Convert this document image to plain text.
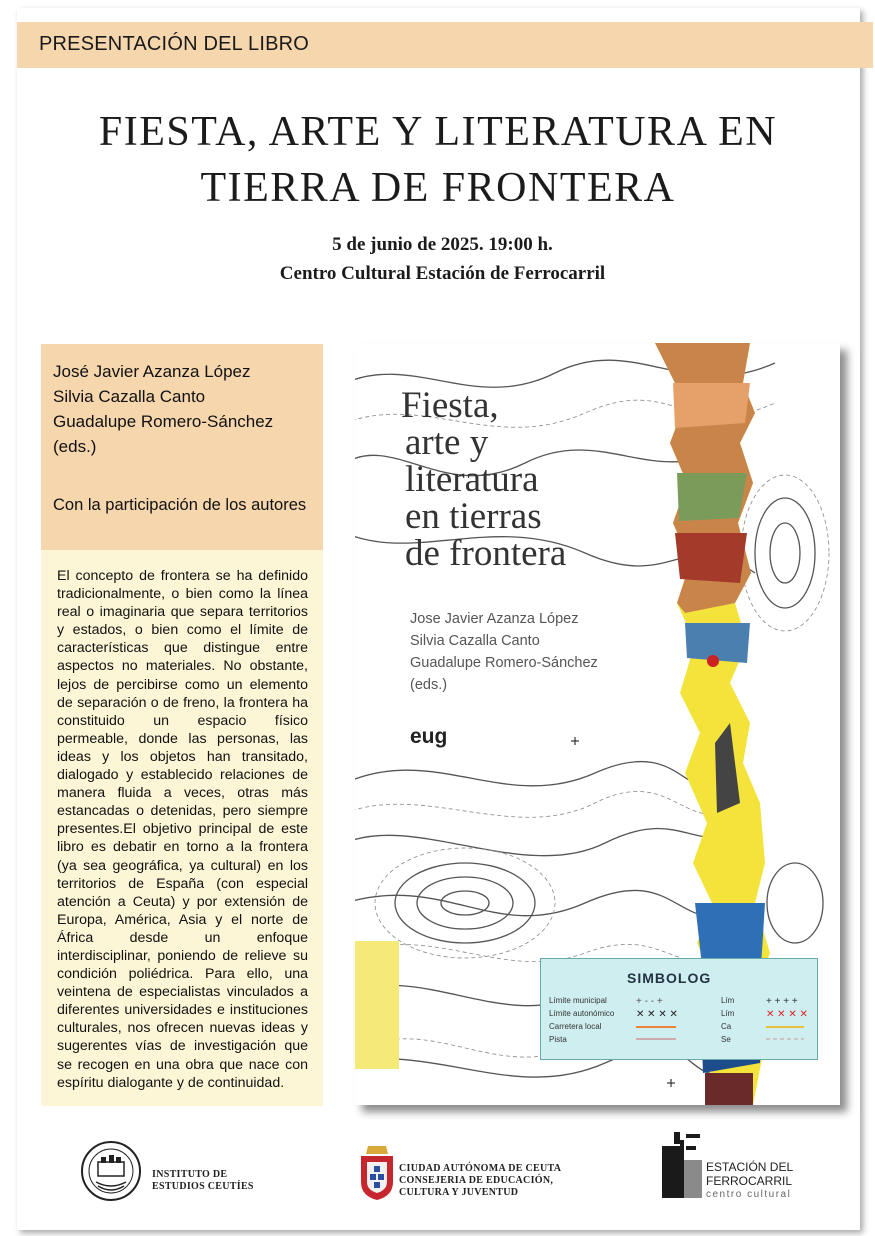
PRESENTACIÓN DEL LIBRO
FIESTA, ARTE Y LITERATURA EN
TIERRA DE FRONTERA
5 de junio de 2025. 19:00 h.
Centro Cultural Estación de Ferrocarril
José Javier Azanza López
Silvia Cazalla Canto
Guadalupe Romero-Sánchez
(eds.)
Con la participación de los autores

El concepto de frontera se ha definido tradicionalmente, o bien como la línea real o imaginaria que separa territorios y estados, o bien como el límite de características que distingue entre aspectos no materiales. No obstante, lejos de percibirse como un elemento de separación o de freno, la frontera ha constituido un espacio físico permeable, donde las personas, las ideas y los objetos han transitado, dialogado y establecido relaciones de manera fluida a veces, otras más estancadas o detenidas, pero siempre presentes.El objetivo principal de este libro es debatir en torno a la frontera (ya sea geográfica, ya cultural) en los territorios de España (con especial atención a Ceuta) y por extensión de Europa, América, Asia y el norte de África desde un enfoque interdisciplinar, poniendo de relieve su condición poliédrica. Para ello, una veintena de especialistas vinculados a diferentes universidades e instituciones culturales, nos ofrecen nuevas ideas y sugerentes vías de investigación que se recogen en una obra que nace con espíritu dialogante y de continuidad.

Fiesta,
arte y
literatura
en tierras
de frontera
Jose Javier Azanza López
Silvia Cazalla Canto
Guadalupe Romero-Sánchez
(eds.)
eug
SIMBOLOG
Límite municipal
Límite autonómico
Carretera local
Pista
+ - - +
✕ ✕ ✕ ✕
Lím
Lím
Ca
Se
+ + + +
✕ ✕ ✕ ✕
INSTITUTO DE
ESTUDIOS CEUTÍES
CIUDAD AUTÓNOMA DE CEUTA
CONSEJERIA DE EDUCACIÓN,
CULTURA Y JUVENTUD
ESTACIÓN DEL
FERROCARRIL
centro cultural
